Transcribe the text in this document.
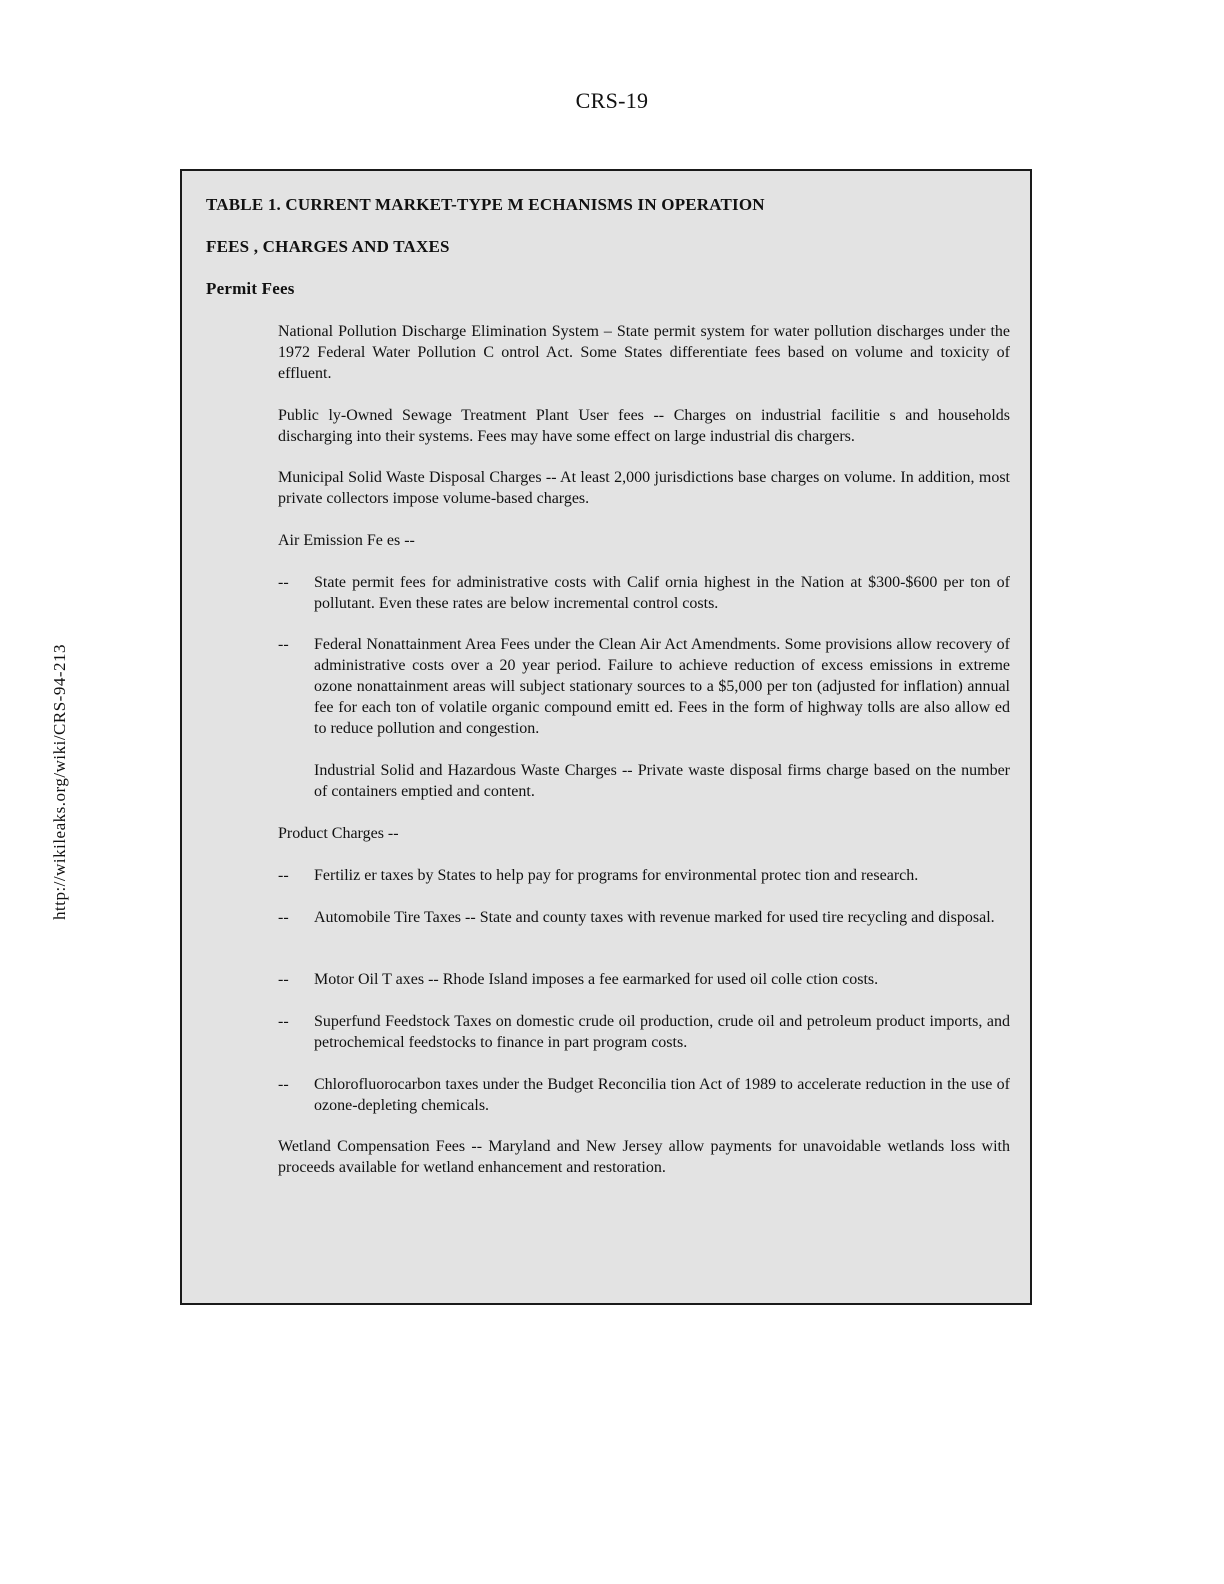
CRS-19
http://wikileaks.org/wiki/CRS-94-213
TABLE 1. CURRENT MARKET-TYPE M ECHANISMS IN OPERATION
FEES , CHARGES AND TAXES
Permit Fees
National Pollution Discharge Elimination System – State permit system for water pollution discharges under the 1972 Federal Water Pollution C ontrol Act. Some States differentiate fees based on volume and toxicity of effluent.
Public ly-Owned Sewage Treatment Plant User fees -- Charges on industrial facilitie s and households discharging into their systems. Fees may have some effect on large industrial dis chargers.
Municipal Solid Waste Disposal Charges -- At least 2,000 jurisdictions base charges on volume. In addition, most private collectors impose volume-based charges.
Air Emission Fe es --
-- State permit fees for administrative costs with Calif ornia highest in the Nation at $300-$600 per ton of pollutant. Even these rates are below incremental control costs.
-- Federal Nonattainment Area Fees under the Clean Air Act Amendments. Some provisions allow recovery of administrative costs over a 20 year period. Failure to achieve reduction of excess emissions in extreme ozone nonattainment areas will subject stationary sources to a $5,000 per ton (adjusted for inflation) annual fee for each ton of volatile organic compound emitt ed. Fees in the form of highway tolls are also allow ed to reduce pollution and congestion.
Industrial Solid and Hazardous Waste Charges -- Private waste disposal firms charge based on the number of containers emptied and content.
Product Charges --
-- Fertiliz er taxes by States to help pay for programs for environmental protec tion and research.
-- Automobile Tire Taxes -- State and county taxes with revenue marked for used tire recycling and disposal.
-- Motor Oil T axes -- Rhode Island imposes a fee earmarked for used oil colle ction costs.
-- Superfund Feedstock Taxes on domestic crude oil production, crude oil and petroleum product imports, and petrochemical feedstocks to finance in part program costs.
-- Chlorofluorocarbon taxes under the Budget Reconcilia tion Act of 1989 to accelerate reduction in the use of ozone-depleting chemicals.
Wetland Compensation Fees -- Maryland and New Jersey allow payments for unavoidable wetlands loss with proceeds available for wetland enhancement and restoration.
